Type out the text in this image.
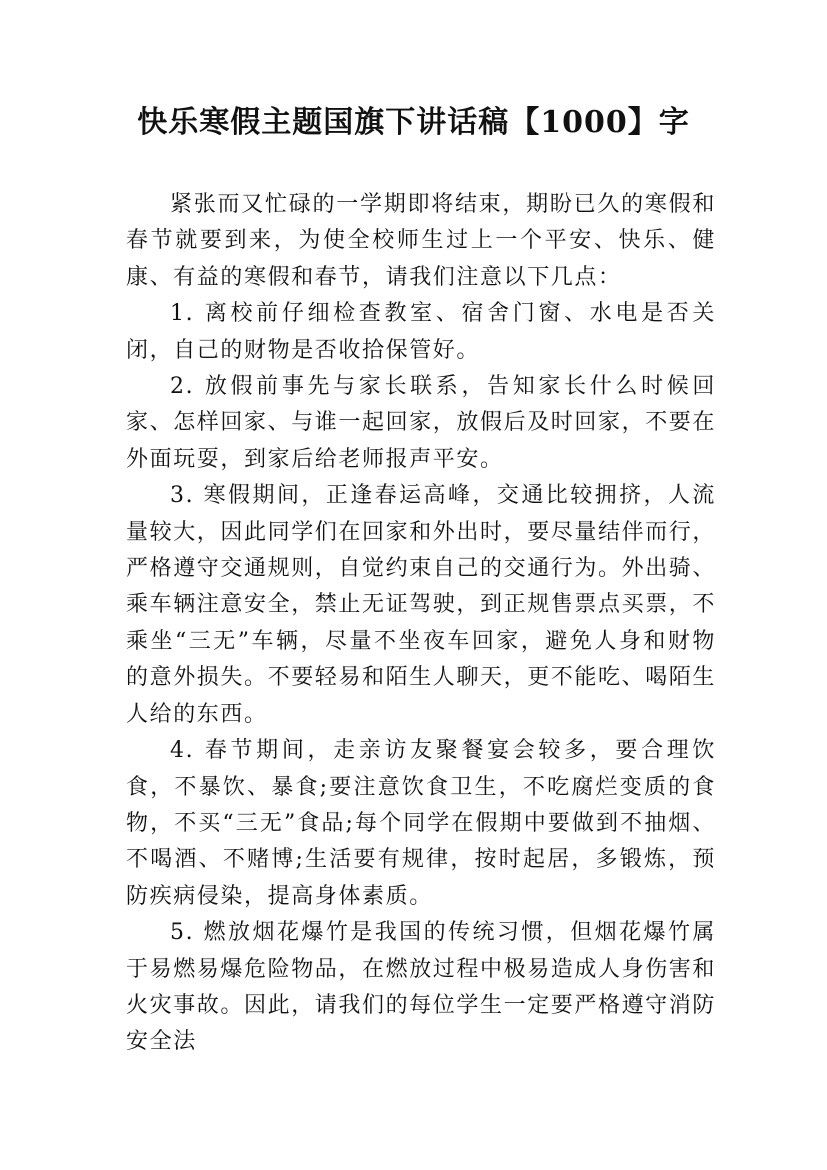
快乐寒假主题国旗下讲话稿【1000】字

紧张而又忙碌的一学期即将结束，期盼已久的寒假和春节就要到来，为使全校师生过上一个平安、快乐、健康、有益的寒假和春节，请我们注意以下几点：

1. 离校前仔细检查教室、宿舍门窗、水电是否关闭，自己的财物是否收拾保管好。

2. 放假前事先与家长联系，告知家长什么时候回家、怎样回家、与谁一起回家，放假后及时回家，不要在外面玩耍，到家后给老师报声平安。

3. 寒假期间，正逢春运高峰，交通比较拥挤，人流量较大，因此同学们在回家和外出时，要尽量结伴而行，严格遵守交通规则，自觉约束自己的交通行为。外出骑、乘车辆注意安全，禁止无证驾驶，到正规售票点买票，不乘坐“三无”车辆，尽量不坐夜车回家，避免人身和财物的意外损失。不要轻易和陌生人聊天，更不能吃、喝陌生人给的东西。

4. 春节期间，走亲访友聚餐宴会较多，要合理饮食，不暴饮、暴食;要注意饮食卫生，不吃腐烂变质的食物，不买“三无”食品;每个同学在假期中要做到不抽烟、不喝酒、不赌博;生活要有规律，按时起居，多锻炼，预防疾病侵染，提高身体素质。

5. 燃放烟花爆竹是我国的传统习惯，但烟花爆竹属于易燃易爆危险物品，在燃放过程中极易造成人身伤害和火灾事故。因此，请我们的每位学生一定要严格遵守消防安全法
